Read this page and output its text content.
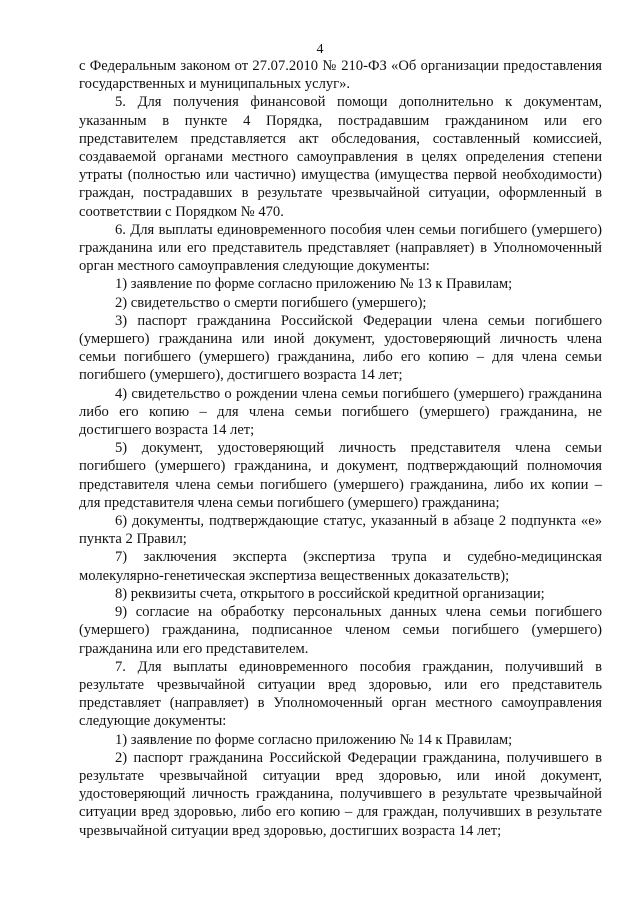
4

с Федеральным законом от 27.07.2010 № 210-ФЗ «Об организации предоставления государственных и муниципальных услуг».

5. Для получения финансовой помощи дополнительно к документам, указанным в пункте 4 Порядка, пострадавшим гражданином или его представителем представляется акт обследования, составленный комиссией, создаваемой органами местного самоуправления в целях определения степени утраты (полностью или частично) имущества (имущества первой необходимости) граждан, пострадавших в результате чрезвычайной ситуации, оформленный в соответствии с Порядком № 470.

6. Для выплаты единовременного пособия член семьи погибшего (умершего) гражданина или его представитель представляет (направляет) в Уполномоченный орган местного самоуправления следующие документы:

1) заявление по форме согласно приложению № 13 к Правилам;

2) свидетельство о смерти погибшего (умершего);

3) паспорт гражданина Российской Федерации члена семьи погибшего (умершего) гражданина или иной документ, удостоверяющий личность члена семьи погибшего (умершего) гражданина, либо его копию – для члена семьи погибшего (умершего), достигшего возраста 14 лет;

4) свидетельство о рождении члена семьи погибшего (умершего) гражданина либо его копию – для члена семьи погибшего (умершего) гражданина, не достигшего возраста 14 лет;

5) документ, удостоверяющий личность представителя члена семьи погибшего (умершего) гражданина, и документ, подтверждающий полномочия представителя члена семьи погибшего (умершего) гражданина, либо их копии – для представителя члена семьи погибшего (умершего) гражданина;

6) документы, подтверждающие статус, указанный в абзаце 2 подпункта «е» пункта 2 Правил;

7) заключения эксперта (экспертиза трупа и судебно-медицинская молекулярно-генетическая экспертиза вещественных доказательств);

8) реквизиты счета, открытого в российской кредитной организации;

9) согласие на обработку персональных данных члена семьи погибшего (умершего) гражданина, подписанное членом семьи погибшего (умершего) гражданина или его представителем.

7. Для выплаты единовременного пособия гражданин, получивший в результате чрезвычайной ситуации вред здоровью, или его представитель представляет (направляет) в Уполномоченный орган местного самоуправления следующие документы:

1) заявление по форме согласно приложению № 14 к Правилам;

2) паспорт гражданина Российской Федерации гражданина, получившего в результате чрезвычайной ситуации вред здоровью, или иной документ, удостоверяющий личность гражданина, получившего в результате чрезвычайной ситуации вред здоровью, либо его копию – для граждан, получивших в результате чрезвычайной ситуации вред здоровью, достигших возраста 14 лет;
